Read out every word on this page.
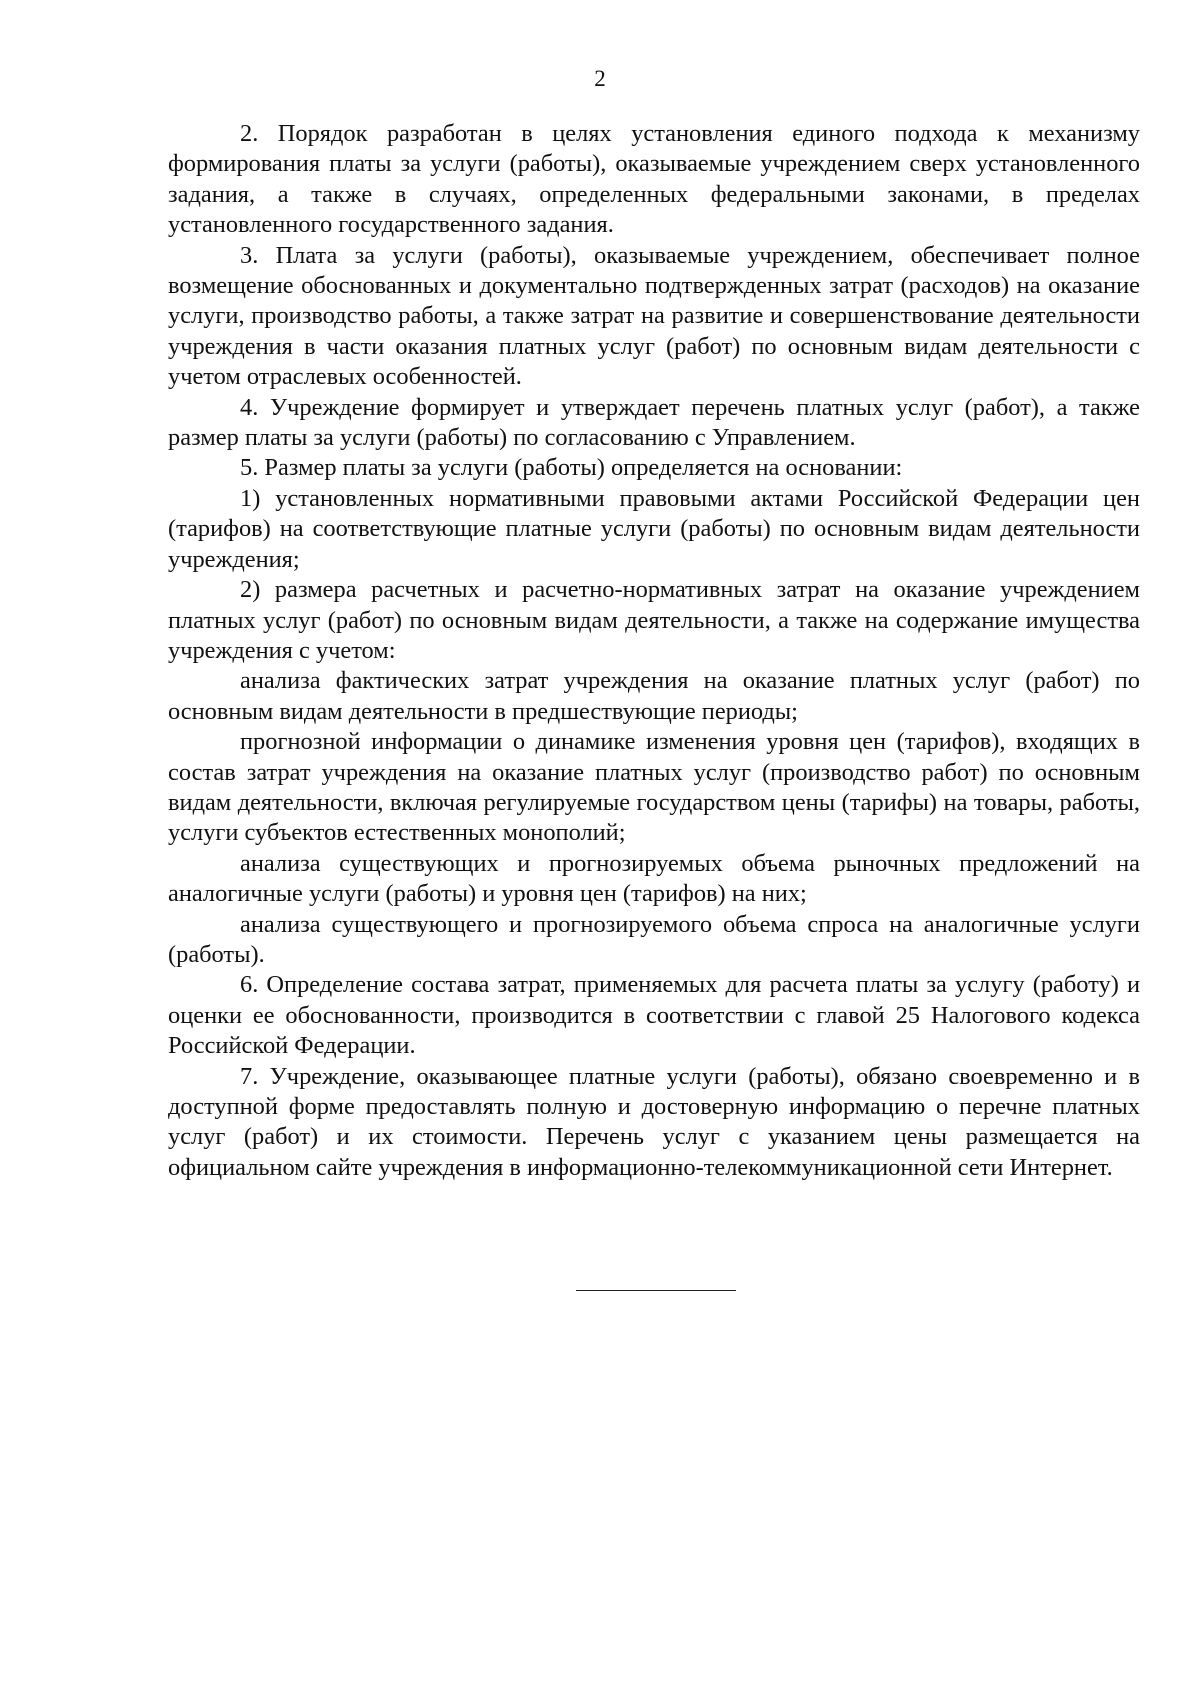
2

2. Порядок разработан в целях установления единого подхода к механизму формирования платы за услуги (работы), оказываемые учреждением сверх установленного задания, а также в случаях, определенных федеральными законами, в пределах установленного государственного задания.

3. Плата за услуги (работы), оказываемые учреждением, обеспечивает полное возмещение обоснованных и документально подтвержденных затрат (расходов) на оказание услуги, производство работы, а также затрат на развитие и совершенствование деятельности учреждения в части оказания платных услуг (работ) по основным видам деятельности с учетом отраслевых особенностей.

4. Учреждение формирует и утверждает перечень платных услуг (работ), а также размер платы за услуги (работы) по согласованию с Управлением.

5. Размер платы за услуги (работы) определяется на основании:

1) установленных нормативными правовыми актами Российской Федерации цен (тарифов) на соответствующие платные услуги (работы) по основным видам деятельности учреждения;

2) размера расчетных и расчетно-нормативных затрат на оказание учреждением платных услуг (работ) по основным видам деятельности, а также на содержание имущества учреждения с учетом:

анализа фактических затрат учреждения на оказание платных услуг (работ) по основным видам деятельности в предшествующие периоды;

прогнозной информации о динамике изменения уровня цен (тарифов), входящих в состав затрат учреждения на оказание платных услуг (производство работ) по основным видам деятельности, включая регулируемые государством цены (тарифы) на товары, работы, услуги субъектов естественных монополий;

анализа существующих и прогнозируемых объема рыночных предложений на аналогичные услуги (работы) и уровня цен (тарифов) на них;

анализа существующего и прогнозируемого объема спроса на аналогичные услуги (работы).

6. Определение состава затрат, применяемых для расчета платы за услугу (работу) и оценки ее обоснованности, производится в соответствии с главой 25 Налогового кодекса Российской Федерации.

7. Учреждение, оказывающее платные услуги (работы), обязано своевременно и в доступной форме предоставлять полную и достоверную информацию о перечне платных услуг (работ) и их стоимости. Перечень услуг с указанием цены размещается на официальном сайте учреждения в информационно-телекоммуникационной сети Интернет.
